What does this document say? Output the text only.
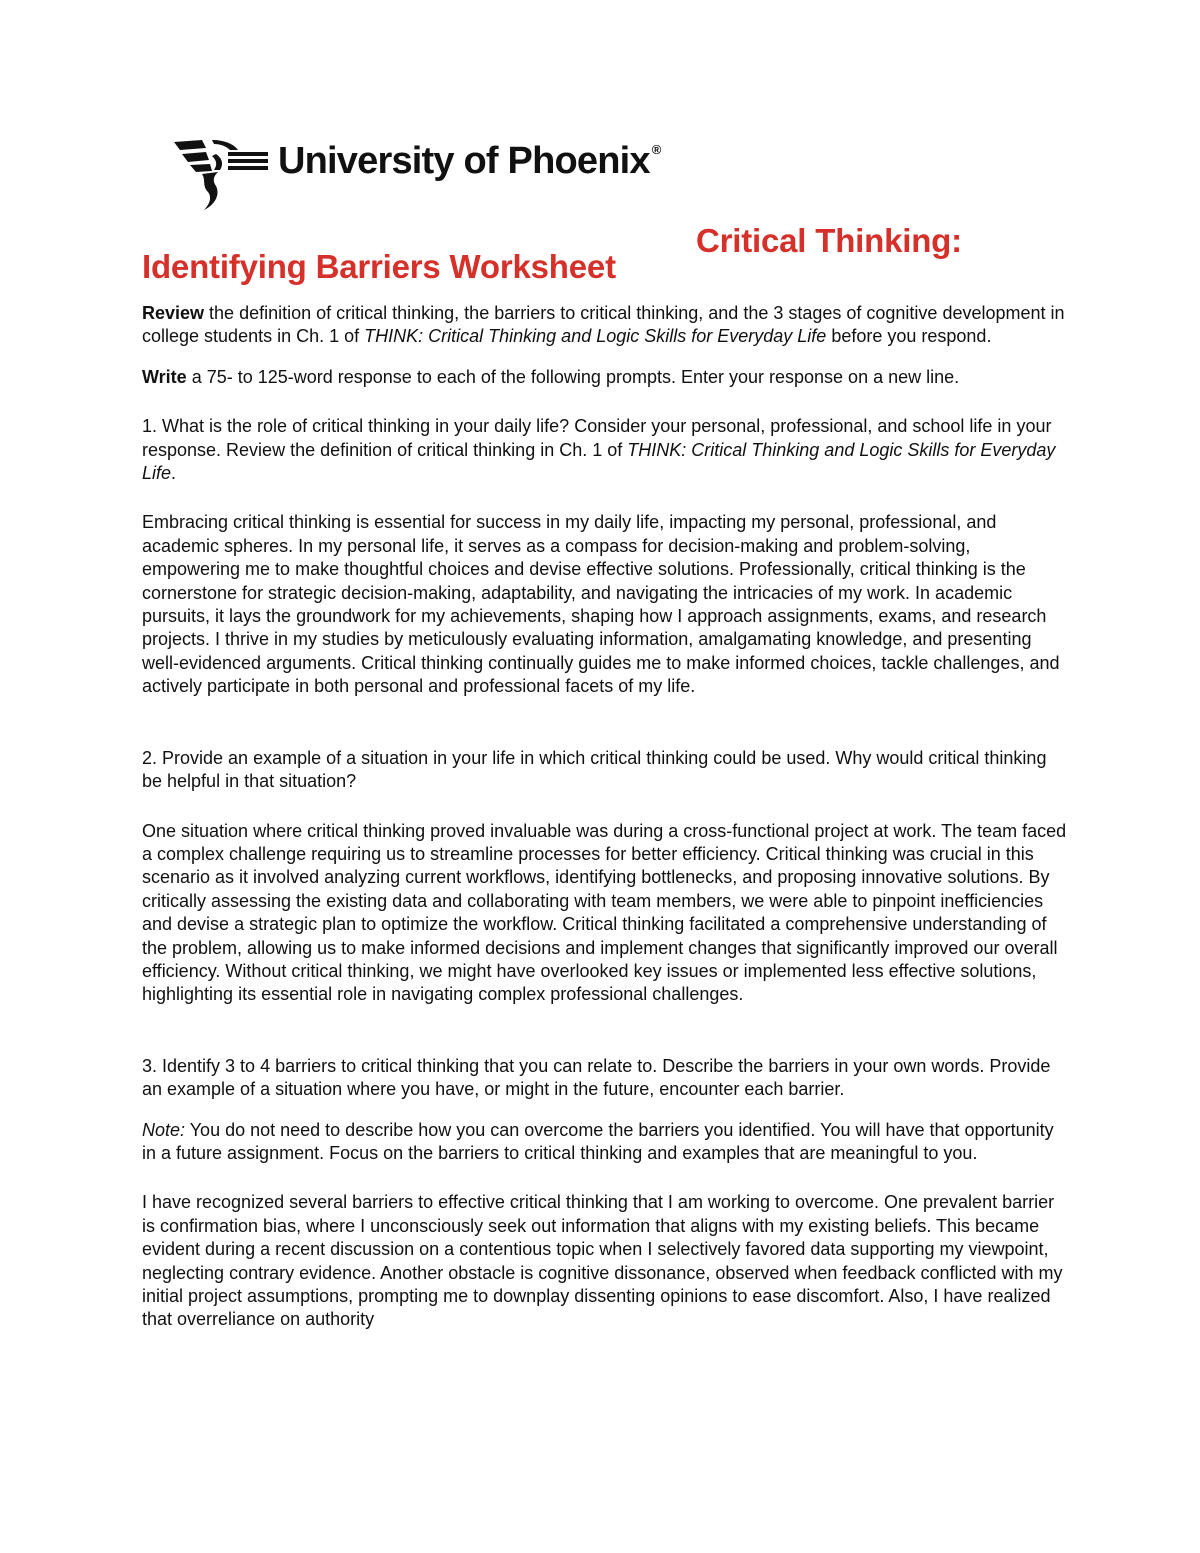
University of Phoenix ®
Identifying Barriers Worksheet
Critical Thinking:

Review the definition of critical thinking, the barriers to critical thinking, and the 3 stages of cognitive development in college students in Ch. 1 of THINK: Critical Thinking and Logic Skills for Everyday Life before you respond.

Write a 75- to 125-word response to each of the following prompts. Enter your response on a new line.

1. What is the role of critical thinking in your daily life? Consider your personal, professional, and school life in your response. Review the definition of critical thinking in Ch. 1 of THINK: Critical Thinking and Logic Skills for Everyday Life.

Embracing critical thinking is essential for success in my daily life, impacting my personal, professional, and academic spheres. In my personal life, it serves as a compass for decision-making and problem-solving, empowering me to make thoughtful choices and devise effective solutions. Professionally, critical thinking is the cornerstone for strategic decision-making, adaptability, and navigating the intricacies of my work. In academic pursuits, it lays the groundwork for my achievements, shaping how I approach assignments, exams, and research projects. I thrive in my studies by meticulously evaluating information, amalgamating knowledge, and presenting well-evidenced arguments. Critical thinking continually guides me to make informed choices, tackle challenges, and actively participate in both personal and professional facets of my life.

2. Provide an example of a situation in your life in which critical thinking could be used. Why would critical thinking be helpful in that situation?

One situation where critical thinking proved invaluable was during a cross-functional project at work. The team faced a complex challenge requiring us to streamline processes for better efficiency. Critical thinking was crucial in this scenario as it involved analyzing current workflows, identifying bottlenecks, and proposing innovative solutions. By critically assessing the existing data and collaborating with team members, we were able to pinpoint inefficiencies and devise a strategic plan to optimize the workflow. Critical thinking facilitated a comprehensive understanding of the problem, allowing us to make informed decisions and implement changes that significantly improved our overall efficiency. Without critical thinking, we might have overlooked key issues or implemented less effective solutions, highlighting its essential role in navigating complex professional challenges.

3. Identify 3 to 4 barriers to critical thinking that you can relate to. Describe the barriers in your own words. Provide an example of a situation where you have, or might in the future, encounter each barrier.

Note: You do not need to describe how you can overcome the barriers you identified. You will have that opportunity in a future assignment. Focus on the barriers to critical thinking and examples that are meaningful to you.

I have recognized several barriers to effective critical thinking that I am working to overcome. One prevalent barrier is confirmation bias, where I unconsciously seek out information that aligns with my existing beliefs. This became evident during a recent discussion on a contentious topic when I selectively favored data supporting my viewpoint, neglecting contrary evidence. Another obstacle is cognitive dissonance, observed when feedback conflicted with my initial project assumptions, prompting me to downplay dissenting opinions to ease discomfort. Also, I have realized that overreliance on authority
